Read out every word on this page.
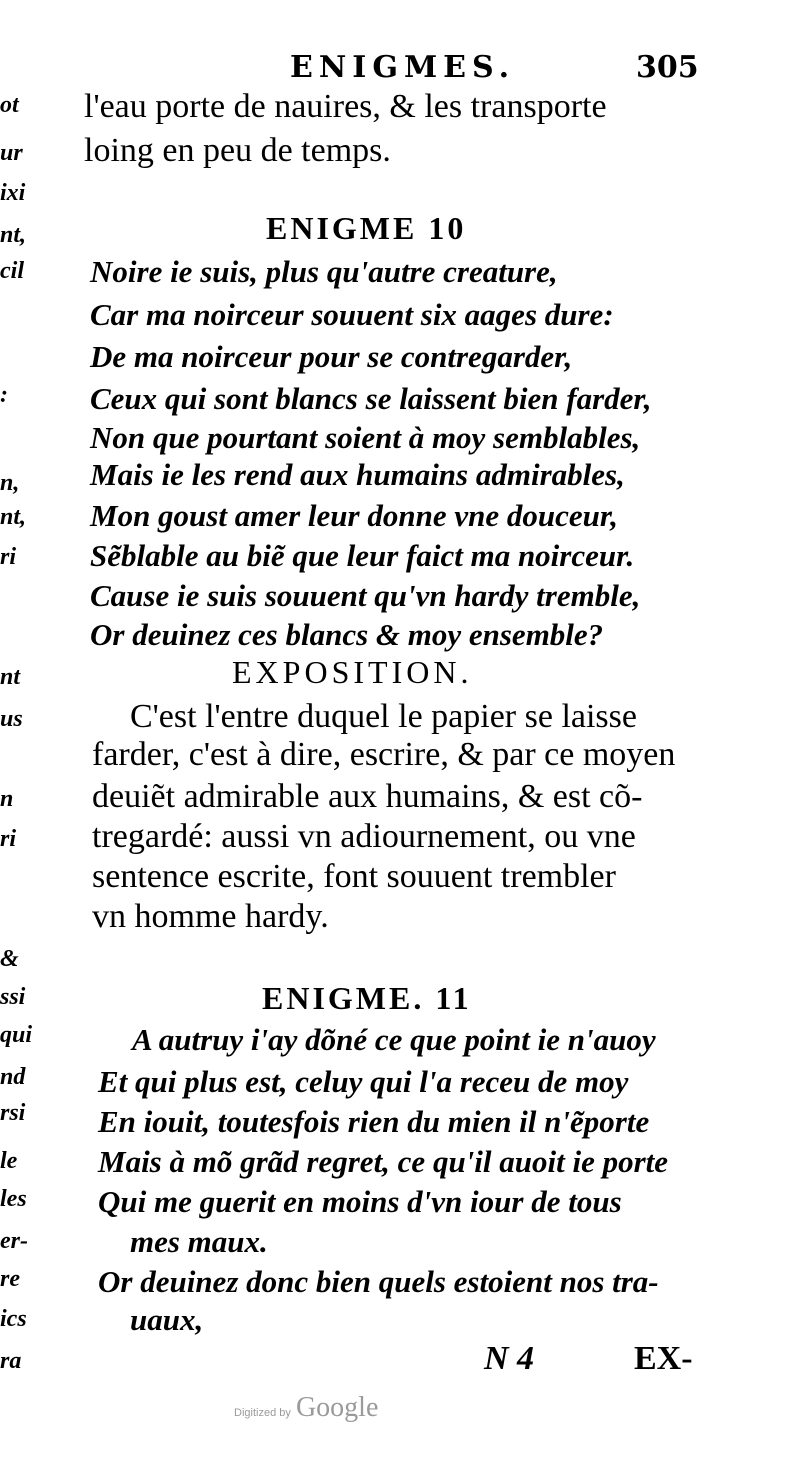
ENIGMES.	305
ot
ur
ixi
nt,
cil
:
n,
nt,
ri
nt
us
n
ri
&
ssi
qui
nd
rsi
le
les
er-
re
ics
ra
l'eau porte de nauires, & les transporte
loing en peu de temps.
ENIGME 10
Noire ie suis, plus qu'autre creature,
Car ma noirceur souuent six aages dure:
De ma noirceur pour se contregarder,
Ceux qui sont blancs se laissent bien farder,
Non que pourtant soient à moy semblables,
Mais ie les rend aux humains admirables,
Mon goust amer leur donne vne douceur,
Sẽblable au biẽ que leur faict ma noirceur.
Cause ie suis souuent qu'vn hardy tremble,
Or deuinez ces blancs & moy ensemble?
EXPOSITION.
C'est l'entre duquel le papier se laisse
farder, c'est à dire, escrire, & par ce moyen
deuiẽt admirable aux humains, & est cõ-
tregardé: aussi vn adiournement, ou vne
sentence escrite, font souuent trembler
vn homme hardy.
ENIGME. 11
A autruy i'ay dõné ce que point ie n'auoy
Et qui plus est, celuy qui l'a receu de moy
En iouit, toutesfois rien du mien il n'ẽporte
Mais à mõ grãd regret, ce qu'il auoit ie porte
Qui me guerit en moins d'vn iour de tous
mes maux.
Or deuinez donc bien quels estoient nos tra-
uaux,
N 4	EX-
Digitized by Google
